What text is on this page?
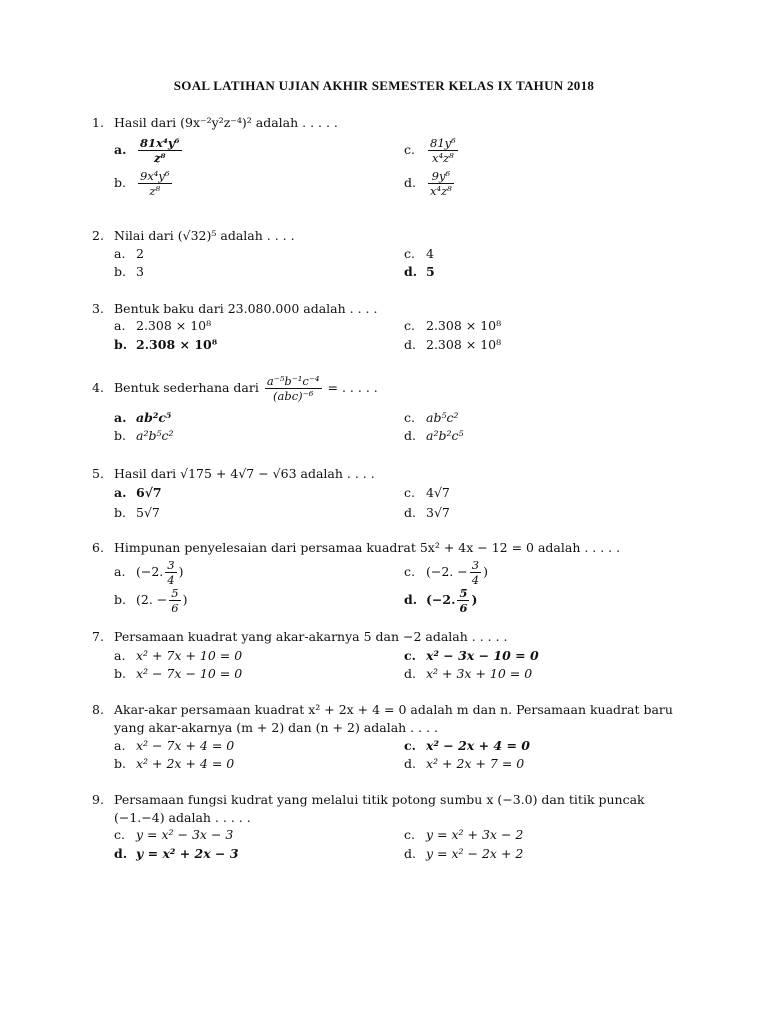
SOAL LATIHAN UJIAN AKHIR SEMESTER KELAS IX TAHUN 2018
1. Hasil dari (9x⁻²y²z⁻⁴)² adalah . . . . .
a. $\frac{\text{81x⁴y⁶}}{\text{z⁸}}$	c. $\frac{\text{81y⁶}}{\text{x⁴z⁸}}$
b. $\frac{\text{9x⁴y⁶}}{\text{z⁸}}$	d. $\frac{\text{9y⁶}}{\text{x⁴z⁸}}$
2. Nilai dari (√32)⁵ adalah . . . .
a. 2	c. 4
b. 3	d. 5
3. Bentuk baku dari 23.080.000 adalah . . . .
a. 2.308 × 10⁸	c. 2.308 × 10⁸
b. 2.308 × 10⁸	d. 2.308 × 10⁸
4. Bentuk sederhana dari $\frac{\text{a⁻⁵b⁻¹c⁻⁴}}{\text{(abc)⁻⁶}}$ = . . . . .
a. ab²c⁵	c. ab⁵c²
b. a²b⁵c²	d. a²b²c⁵
5. Hasil dari √175 + 4√7 − √63 adalah . . . .
a. 6√7	c. 4√7
b. 5√7	d. 3√7
6. Himpunan penyelesaian dari persamaa kuadrat 5x² + 4x − 12 = 0 adalah . . . . .
a. (−2. $\frac{3}{4}$ )	c. (−2. − $\frac{3}{4}$ )
b. (2. − $\frac{5}{6}$ )	d. (−2. $\frac{5}{6}$ )
7. Persamaan kuadrat yang akar-akarnya 5 dan −2 adalah . . . . .
a. x² + 7x + 10 = 0	c. x² − 3x − 10 = 0
b. x² − 7x − 10 = 0	d. x² + 3x + 10 = 0
8. Akar-akar persamaan kuadrat x² + 2x + 4 = 0 adalah m dan n. Persamaan kuadrat baru yang akar-akarnya (m + 2) dan (n + 2) adalah . . . .
a. x² − 7x + 4 = 0	c. x² − 2x + 4 = 0
b. x² + 2x + 4 = 0	d. x² + 2x + 7 = 0
9. Persamaan fungsi kudrat yang melalui titik potong sumbu x (−3.0) dan titik puncak (−1.−4) adalah . . . . .
c. y = x² − 3x − 3	c. y = x² + 3x − 2
d. y = x² + 2x − 3	d. y = x² − 2x + 2
